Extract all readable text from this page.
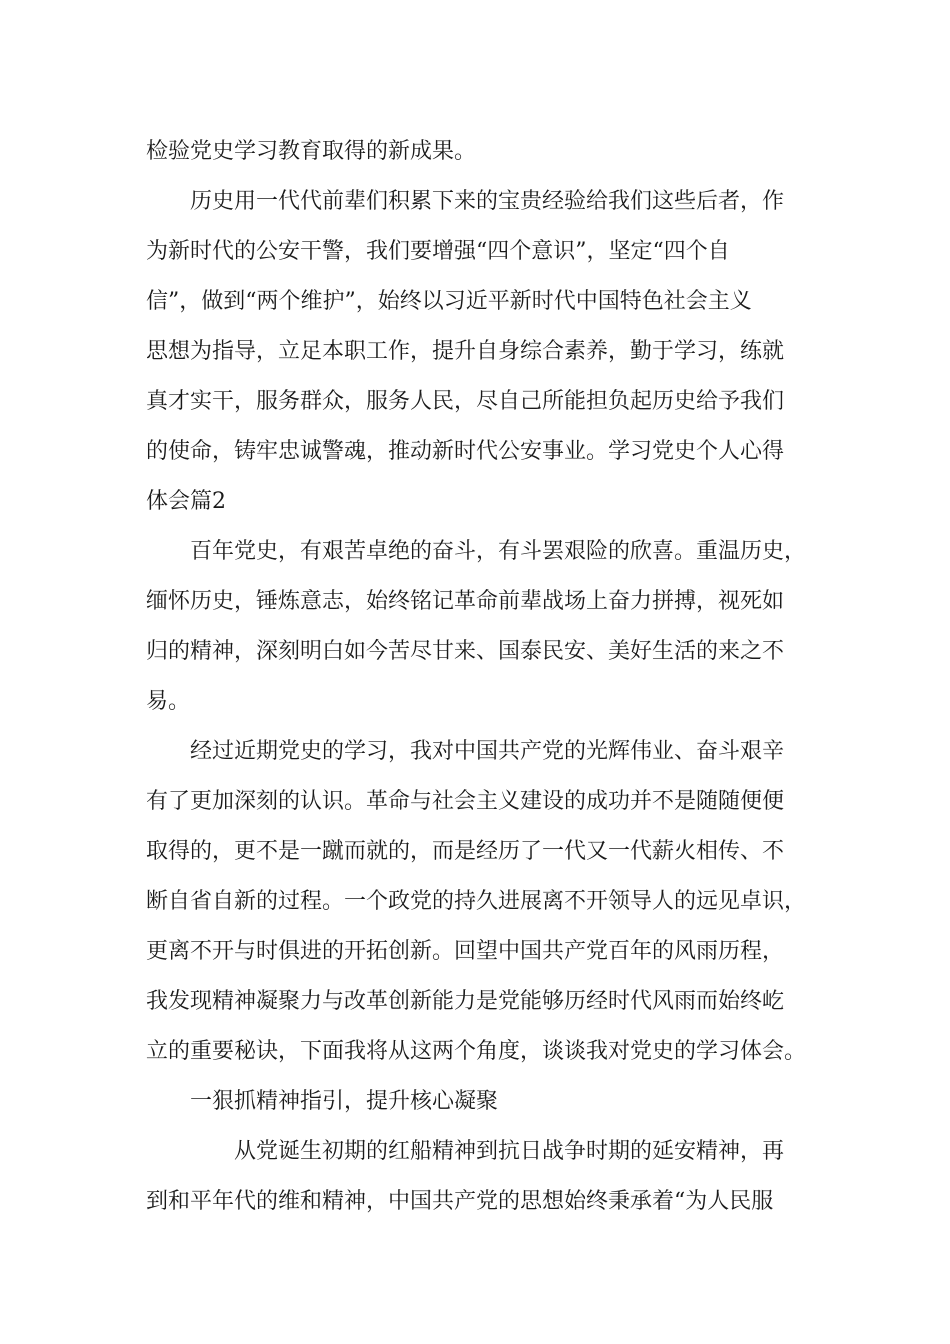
检验党史学习教育取得的新成果。
历史用一代代前辈们积累下来的宝贵经验给我们这些后者，作
为新时代的公安干警，我们要增强“四个意识”，坚定“四个自
信”，做到“两个维护”，始终以习近平新时代中国特色社会主义
思想为指导，立足本职工作，提升自身综合素养，勤于学习，练就
真才实干，服务群众，服务人民，尽自己所能担负起历史给予我们
的使命，铸牢忠诚警魂，推动新时代公安事业。学习党史个人心得
体会篇2
百年党史，有艰苦卓绝的奋斗，有斗罢艰险的欣喜。重温历史，
缅怀历史，锤炼意志，始终铭记革命前辈战场上奋力拼搏，视死如
归的精神，深刻明白如今苦尽甘来、国泰民安、美好生活的来之不
易。
经过近期党史的学习，我对中国共产党的光辉伟业、奋斗艰辛
有了更加深刻的认识。革命与社会主义建设的成功并不是随随便便
取得的，更不是一蹴而就的，而是经历了一代又一代薪火相传、不
断自省自新的过程。一个政党的持久进展离不开领导人的远见卓识，
更离不开与时俱进的开拓创新。回望中国共产党百年的风雨历程，
我发现精神凝聚力与改革创新能力是党能够历经时代风雨而始终屹
立的重要秘诀，下面我将从这两个角度，谈谈我对党史的学习体会。
一狠抓精神指引，提升核心凝聚
从党诞生初期的红船精神到抗日战争时期的延安精神，再
到和平年代的维和精神，中国共产党的思想始终秉承着“为人民服
